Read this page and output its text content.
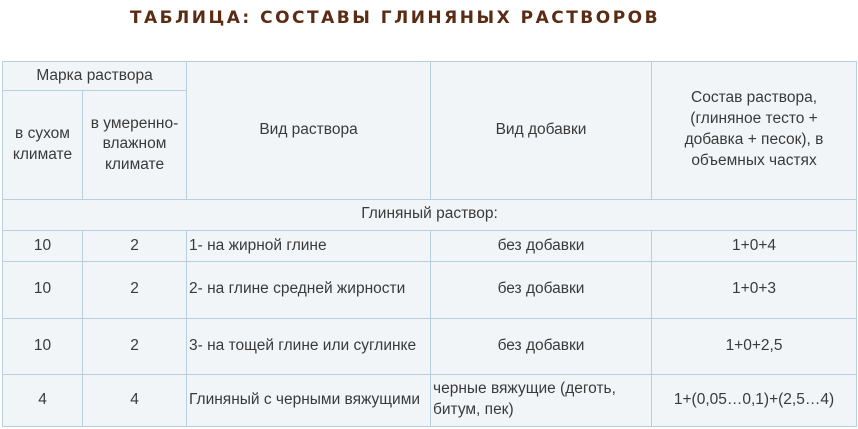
ТАБЛИЦА: СОСТАВЫ ГЛИНЯНЫХ РАСТВОРОВ
Марка раствора		Вид раствора	Вид добавки	Состав раствора, (глиняное тесто + добавка + песок), в объемных частях
в сухом климате	в умеренно-влажном климате			
Глиняный раствор:				
10	2	1- на жирной глине	без добавки	1+0+4
10	2	2- на глине средней жирности	без добавки	1+0+3
10	2	3- на тощей глине или суглинке	без добавки	1+0+2,5
4	4	Глиняный с черными вяжущими	черные вяжущие (деготь, битум, пек)	1+(0,05…0,1)+(2,5…4)
